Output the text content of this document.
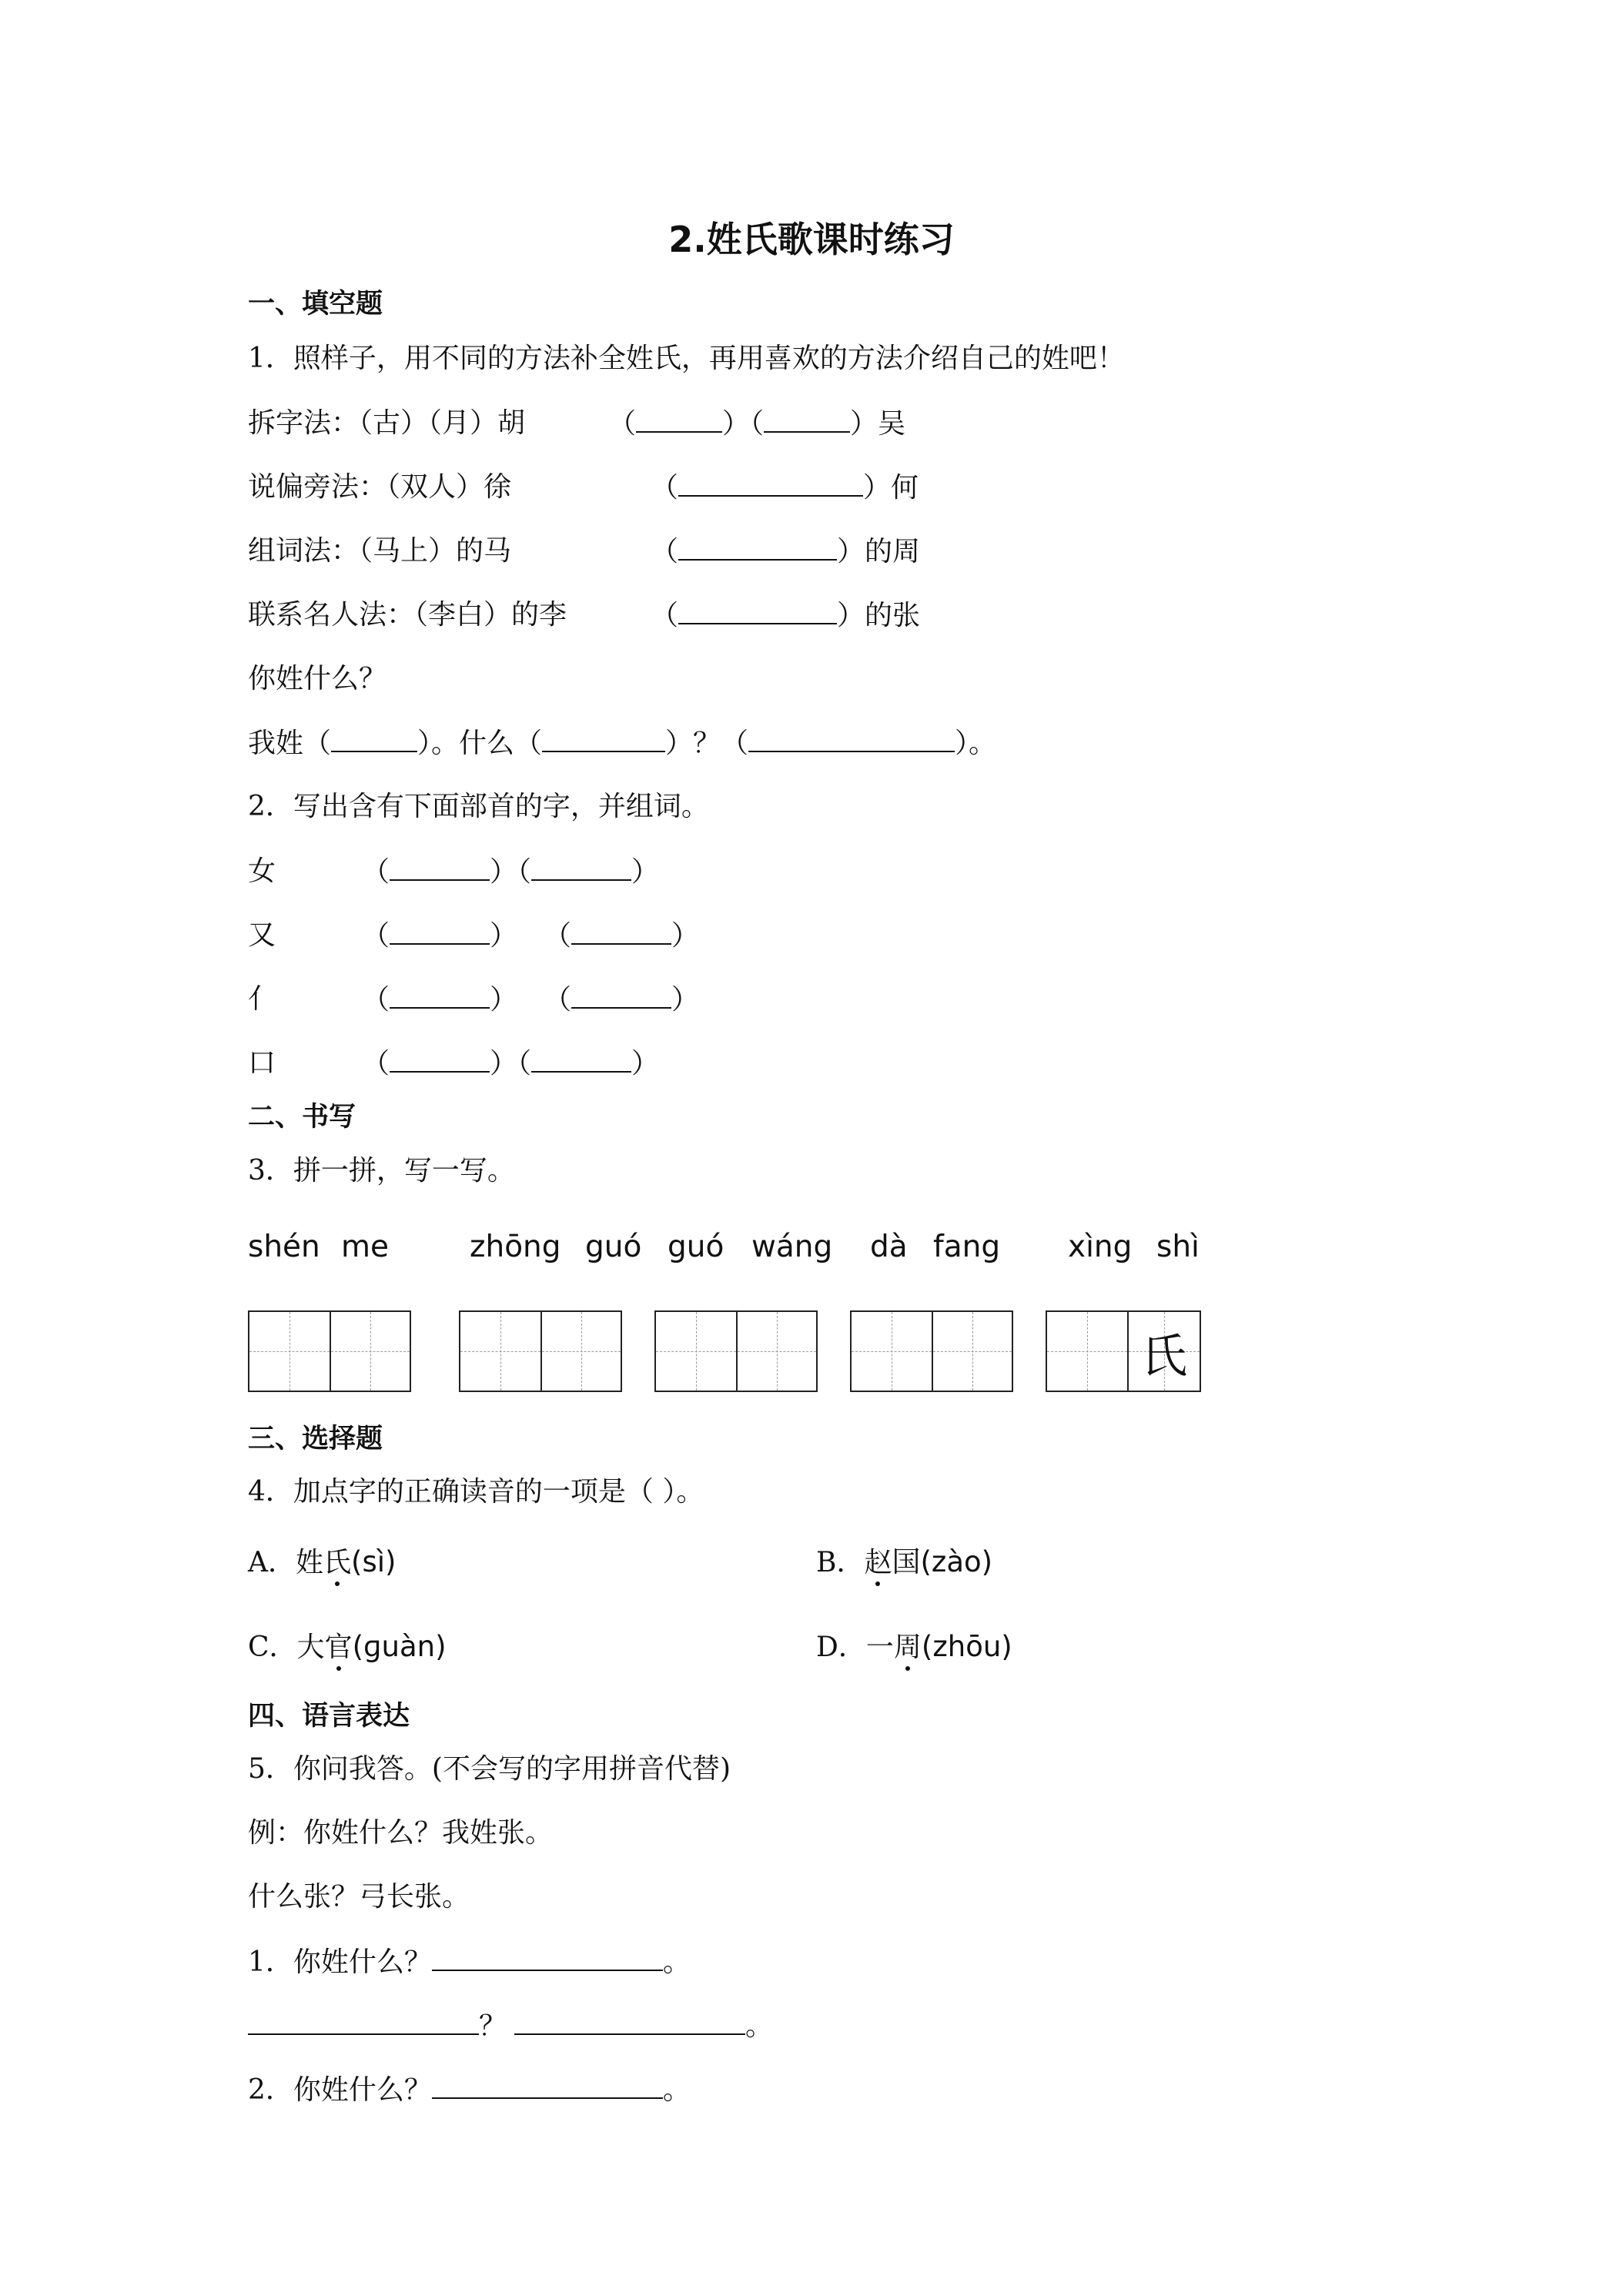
2.姓氏歌课时练习
一、填空题
1．照样子，用不同的方法补全姓氏，再用喜欢的方法介绍自己的姓吧！
拆字法：（古）（月）胡	（	）（	）吴
说偏旁法：（双人）徐	（	）何
组词法：（马上）的马	（	）的周
联系名人法：（李白）的李	（	）的张
你姓什么？
我姓（	）。什么（	）？（	）。
2．写出含有下面部首的字，并组词。
女	（	）（	）
又	（	） （	）
亻	（	） （	）
口	（	）（	）
二、书写
3．拼一拼，写一写。
shén me	zhōng guó guó wáng dà fang xìng shì
氏
三、选择题
4．加点字的正确读音的一项是（ ）。
A．姓氏(sì)	B．赵国(zào)
C．大官(ɡuàn)	D．一周(zhōu)
四、语言表达
5．你问我答。(不会写的字用拼音代替)
例：你姓什么？我姓张。
什么张？弓长张。
1．你姓什么？	。
？	。
2．你姓什么？	。
